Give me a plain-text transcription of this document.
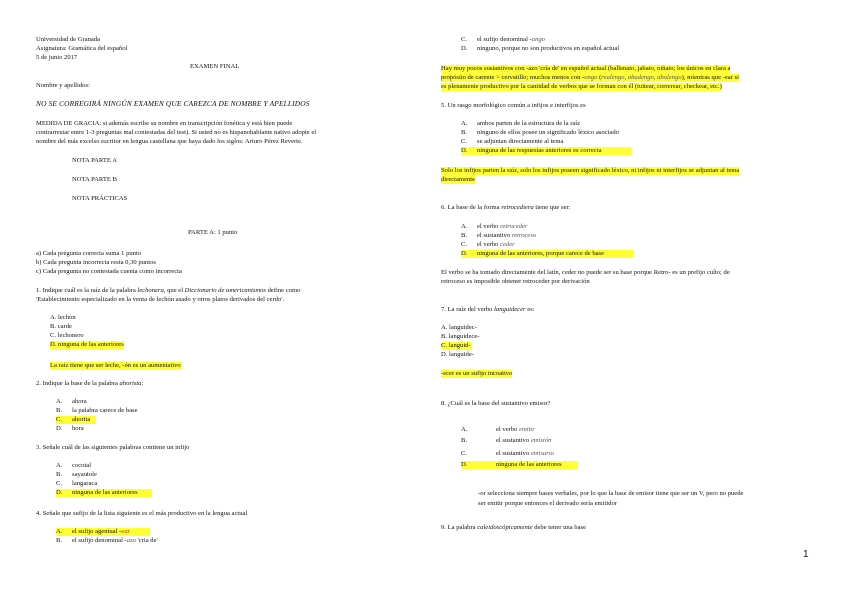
Universidad de Granada
Asignatura: Gramática del español
5 de junio 2017
EXAMEN FINAL
Nombre y apellidos:
NO SE CORREGIRÁ NINGÚN EXAMEN QUE CAREZCA DE NOMBRE Y APELLIDOS
MEDIDA DE GRACIA: si además escribe su nombre en transcripción fonética y está bien puede
contrarrestar entre 1-3 preguntas mal contestadas del test). Si usted no es hispanohablante nativo adopte el
nombre del más excelso escritor en lengua castellana que haya dado los siglos: Arturo Pérez Reverte.
NOTA PARTE A
NOTA PARTE B
NOTA PRÁCTICAS
PARTE A: 1 punto
a) Cada pregunta correcta suma 1 punto
b) Cada pregunta incorrecta resta 0,30 puntos
c) Cada pregunta no contestada cuenta como incorrecta
1. Indique cuál es la raíz de la palabra lechonera, que el Diccionario de americanismos define como
'Establecimiento especializado en la venta de lechón asado y otros platos derivados del cerdo'.
A. lechon
B. carde
C. lechonero
D. ninguna de las anteriores
La raíz tiene que ser leche, -ón es un aumentativo
2. Indique la base de la palabra ahorista:
A. ahora
B. la palabra carece de base
C. ahorita
D. hora
3. Señale cuál de las siguientes palabras contiene un infijo
A. cocotal
B. sayautole
C. langaraca
D. ninguna de las anteriores
4. Señale que sufijo de la lista siguiente es el más productivo en la lengua actual
A. el sufijo agentual -ear
B. el sufijo denominal -azo 'cria de'
C. el sufijo denominal -ango
D. ninguno, porque no son productivos en español actual
Hay muy pocos sustantivos con -azo 'cría de' en español actual (ballenato, jabato, niñato; los únicos en clara a
propósito de carente > cervatillo; muchos menos con -ongo (realengo, abadengo, abolengo), mientras que -ear si
es plenamente productivo por la cantidad de verbos que se forman con él (tuitear, correrear, checkear, etc.)
5. Un rasgo morfológico común a infijos e interfijos es
A. ambos parten de la estructura de la raíz
B. ninguno de ellos posee un significado léxico asociado
C. se adjuntan directamente al tema
D. ninguna de las respuestas anteriores es correcta
Solo los infijos parten la raíz, solo los infijos poseen significado léxico, ni infijos ni interfijos se adjuntan al tema
directamente
6. La base de la forma retrocediera tiene que ser:
A. el verbo retroceder
B. el sustantivo retroceso
C. el verbo ceder
D. ninguna de las anteriores, porque carece de base
El verbo se ha tomado directamente del latín, ceder no puede ser su base porque Retro- es un prefijo culto; de
retroceso es imposible obtener retroceder por derivación
7. La raíz del verbo languidecer es:
A. languidec-
B. languidece-
C. languid-
D. languide-
-ecer es un sufijo incoativo
8. ¿Cuál es la base del sustantivo emisor?
A.	el verbo emitir
B.	el sustantivo emisión
C.	el sustantivo emisario
D.	ninguna de las anteriores
-or selecciona siempre bases verbales, por lo que la base de emisor tiene que ser un V, pero no puede
ser emitir porque entonces el derivado sería emitidor
9. La palabra caleidoscópicamente debe tener una base
1
